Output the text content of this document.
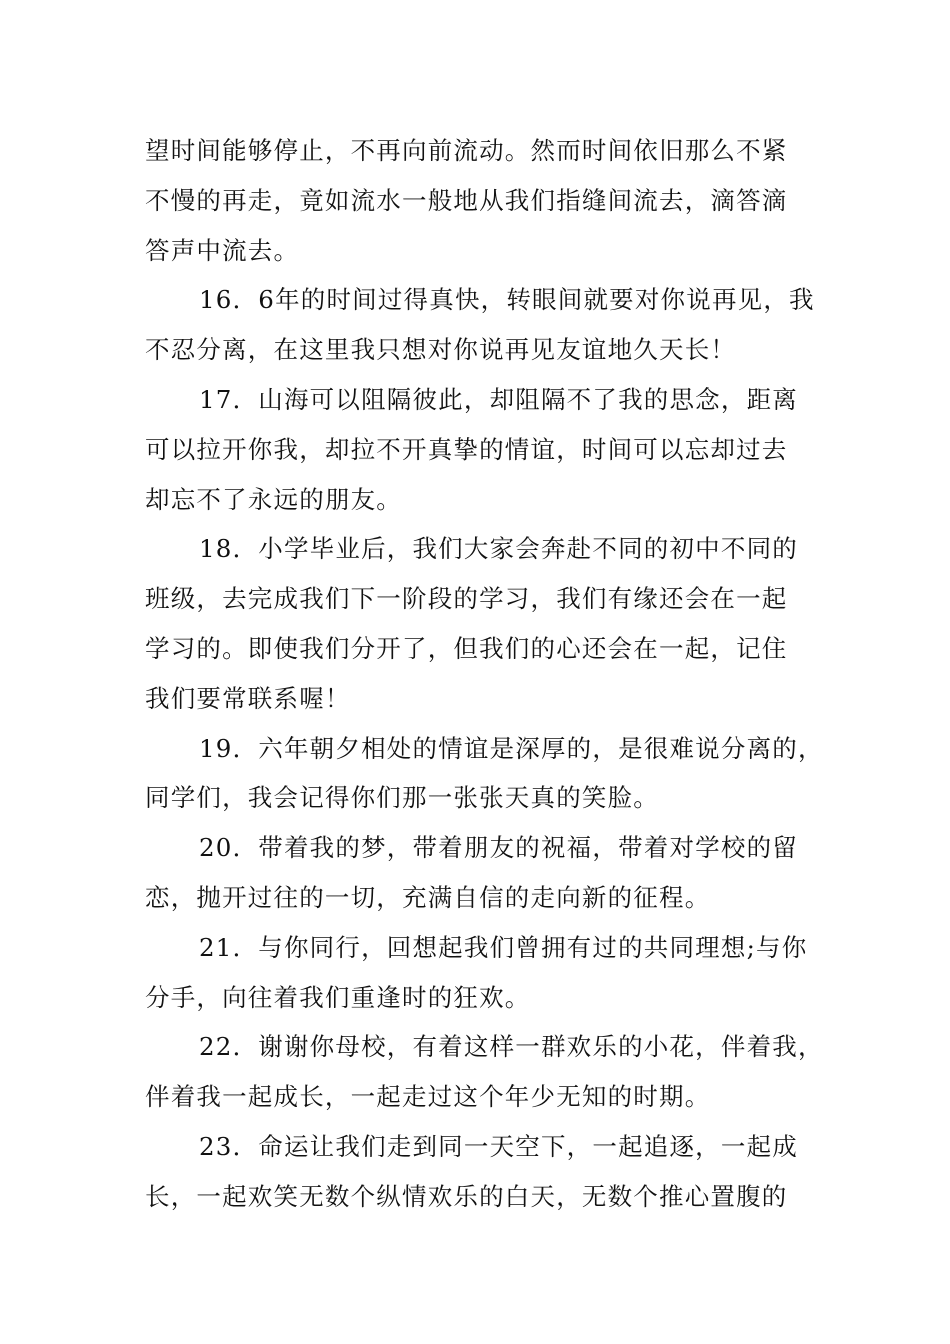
望时间能够停止，不再向前流动。然而时间依旧那么不紧
不慢的再走，竟如流水一般地从我们指缝间流去，滴答滴
答声中流去。
16．6年的时间过得真快，转眼间就要对你说再见，我
不忍分离，在这里我只想对你说再见友谊地久天长！
17．山海可以阻隔彼此，却阻隔不了我的思念，距离
可以拉开你我，却拉不开真挚的情谊，时间可以忘却过去
却忘不了永远的朋友。
18．小学毕业后，我们大家会奔赴不同的初中不同的
班级，去完成我们下一阶段的学习，我们有缘还会在一起
学习的。即使我们分开了，但我们的心还会在一起，记住
我们要常联系喔！
19．六年朝夕相处的情谊是深厚的，是很难说分离的，
同学们，我会记得你们那一张张天真的笑脸。
20．带着我的梦，带着朋友的祝福，带着对学校的留
恋，抛开过往的一切，充满自信的走向新的征程。
21．与你同行，回想起我们曾拥有过的共同理想;与你
分手，向往着我们重逢时的狂欢。
22．谢谢你母校，有着这样一群欢乐的小花，伴着我，
伴着我一起成长，一起走过这个年少无知的时期。
23．命运让我们走到同一天空下，一起追逐，一起成
长，一起欢笑无数个纵情欢乐的白天，无数个推心置腹的
